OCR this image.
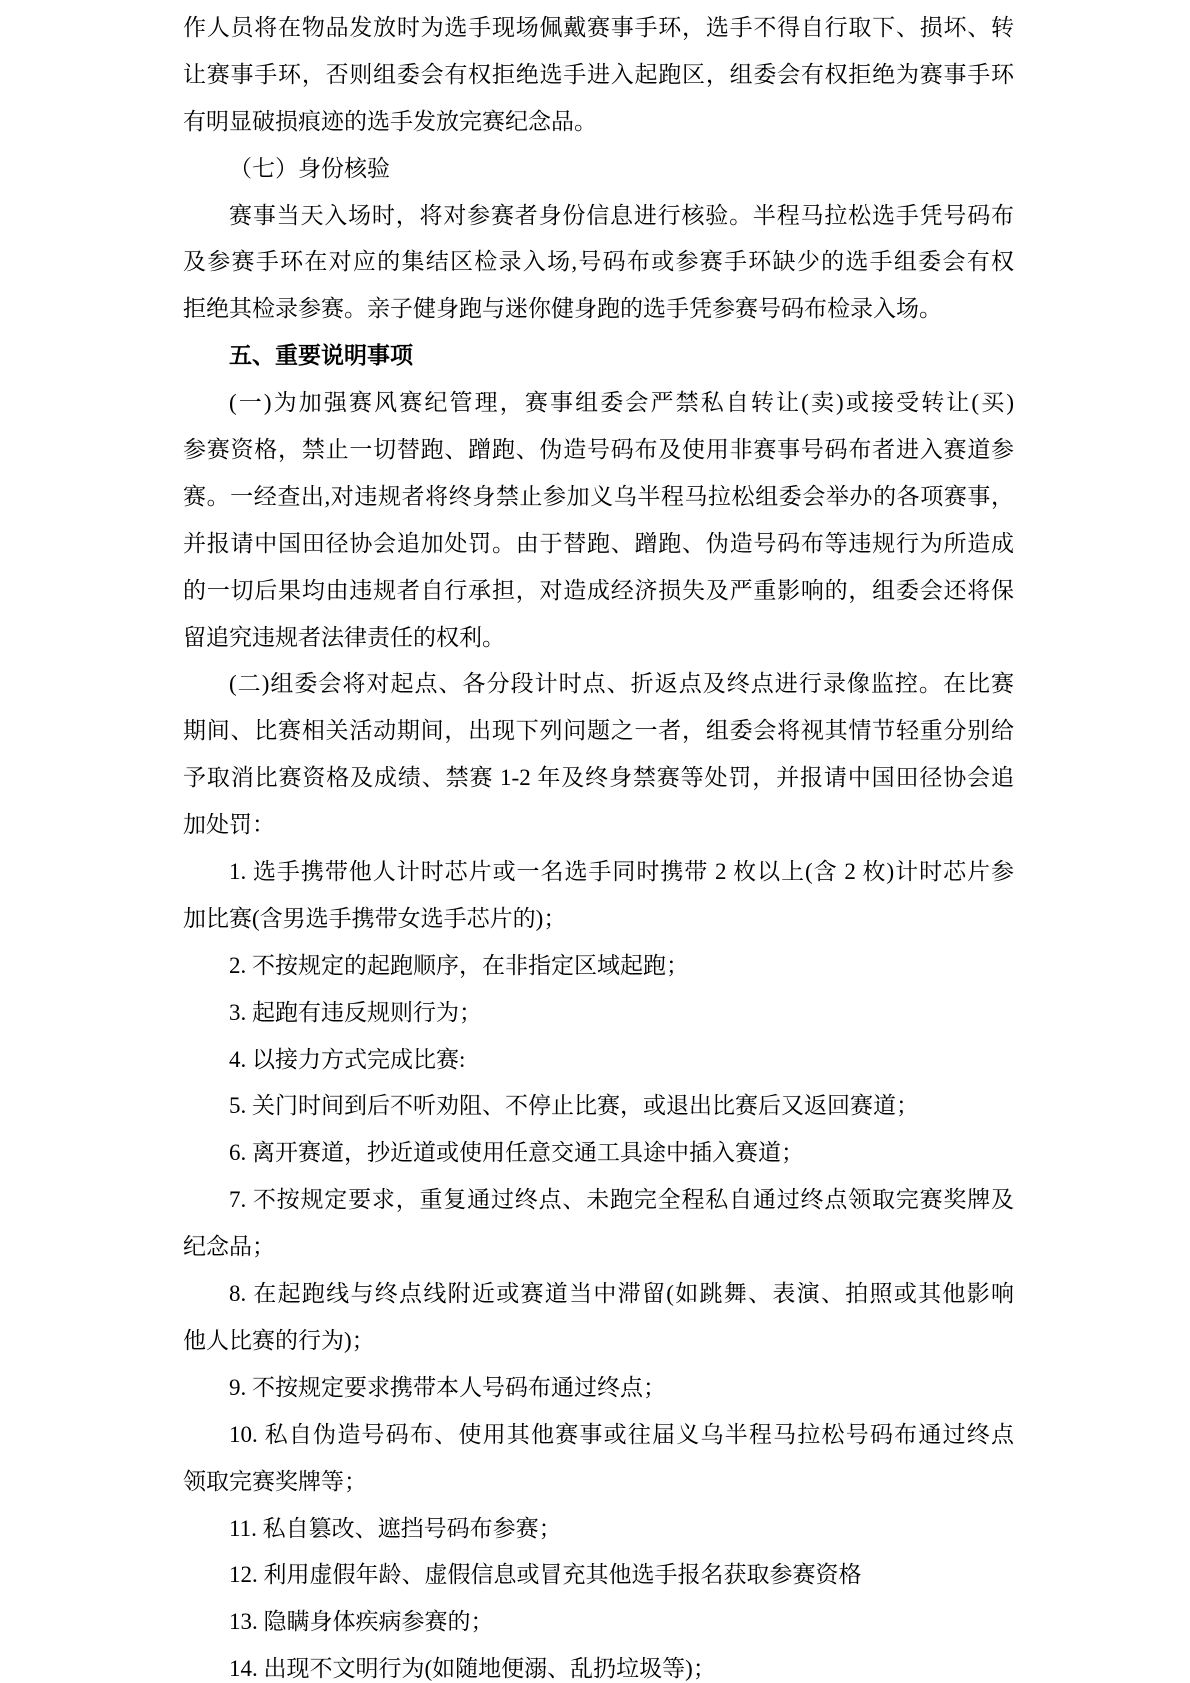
作人员将在物品发放时为选手现场佩戴赛事手环，选手不得自行取下、损坏、转
让赛事手环，否则组委会有权拒绝选手进入起跑区，组委会有权拒绝为赛事手环
有明显破损痕迹的选手发放完赛纪念品。
（七）身份核验
赛事当天入场时，将对参赛者身份信息进行核验。半程马拉松选手凭号码布
及参赛手环在对应的集结区检录入场,号码布或参赛手环缺少的选手组委会有权
拒绝其检录参赛。亲子健身跑与迷你健身跑的选手凭参赛号码布检录入场。
五、重要说明事项
(一)为加强赛风赛纪管理，赛事组委会严禁私自转让(卖)或接受转让(买)
参赛资格，禁止一切替跑、蹭跑、伪造号码布及使用非赛事号码布者进入赛道参
赛。一经查出,对违规者将终身禁止参加义乌半程马拉松组委会举办的各项赛事，
并报请中国田径协会追加处罚。由于替跑、蹭跑、伪造号码布等违规行为所造成
的一切后果均由违规者自行承担，对造成经济损失及严重影响的，组委会还将保
留追究违规者法律责任的权利。
(二)组委会将对起点、各分段计时点、折返点及终点进行录像监控。在比赛
期间、比赛相关活动期间，出现下列问题之一者，组委会将视其情节轻重分别给
予取消比赛资格及成绩、禁赛 1-2 年及终身禁赛等处罚，并报请中国田径协会追
加处罚：
1. 选手携带他人计时芯片或一名选手同时携带 2 枚以上(含 2 枚)计时芯片参
加比赛(含男选手携带女选手芯片的)；
2. 不按规定的起跑顺序，在非指定区域起跑；
3. 起跑有违反规则行为；
4. 以接力方式完成比赛:
5. 关门时间到后不听劝阻、不停止比赛，或退出比赛后又返回赛道；
6. 离开赛道，抄近道或使用任意交通工具途中插入赛道；
7. 不按规定要求，重复通过终点、未跑完全程私自通过终点领取完赛奖牌及
纪念品；
8. 在起跑线与终点线附近或赛道当中滞留(如跳舞、表演、拍照或其他影响
他人比赛的行为)；
9. 不按规定要求携带本人号码布通过终点；
10. 私自伪造号码布、使用其他赛事或往届义乌半程马拉松号码布通过终点
领取完赛奖牌等；
11. 私自篡改、遮挡号码布参赛；
12. 利用虚假年龄、虚假信息或冒充其他选手报名获取参赛资格
13. 隐瞒身体疾病参赛的；
14. 出现不文明行为(如随地便溺、乱扔垃圾等)；
